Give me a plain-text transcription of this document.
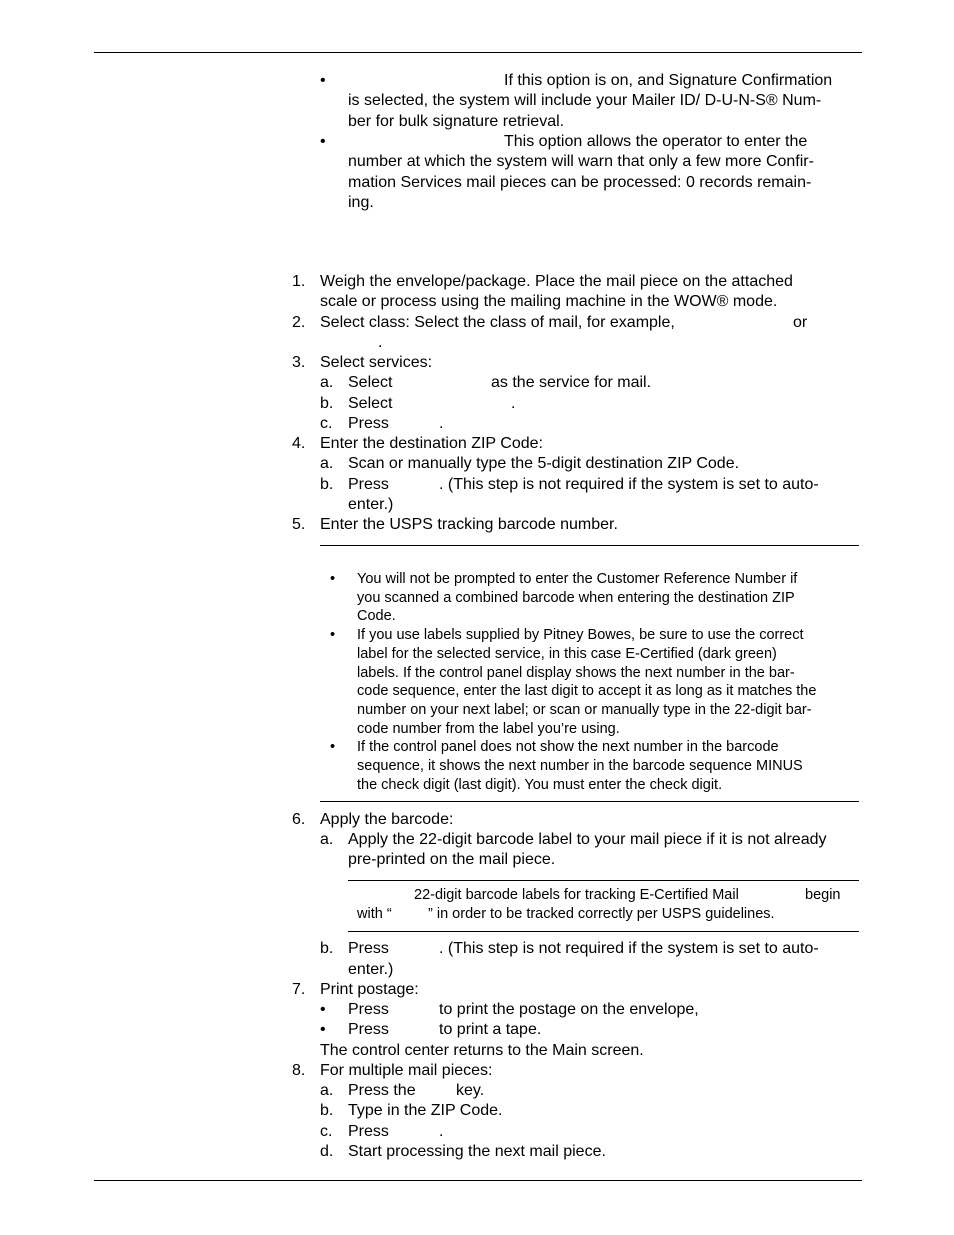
•	If this option is on, and Signature Confirmation
is selected, the system will include your Mailer ID/ D-U-N-S® Num-
ber for bulk signature retrieval.
•	This option allows the operator to enter the
number at which the system will warn that only a few more Confir-
mation Services mail pieces can be processed: 0 records remain-
ing.
1. Weigh the envelope/package. Place the mail piece on the attached
scale or process using the mailing machine in the WOW® mode.
2. Select class: Select the class of mail, for example,	or
.
3. Select services:
a. Select	as the service for mail.
b. Select	.
c. Press	.
4. Enter the destination ZIP Code:
a. Scan or manually type the 5-digit destination ZIP Code.
b. Press	. (This step is not required if the system is set to auto-
enter.)
5. Enter the USPS tracking barcode number.
• You will not be prompted to enter the Customer Reference Number if
you scanned a combined barcode when entering the destination ZIP
Code.
• If you use labels supplied by Pitney Bowes, be sure to use the correct
label for the selected service, in this case E-Certified (dark green)
labels. If the control panel display shows the next number in the bar-
code sequence, enter the last digit to accept it as long as it matches the
number on your next label; or scan or manually type in the 22-digit bar-
code number from the label you’re using.
• If the control panel does not show the next number in the barcode
sequence, it shows the next number in the barcode sequence MINUS
the check digit (last digit). You must enter the check digit.
6. Apply the barcode:
a. Apply the 22-digit barcode label to your mail piece if it is not already
pre-printed on the mail piece.
22-digit barcode labels for tracking E-Certified Mail	begin
with “	” in order to be tracked correctly per USPS guidelines.
b. Press	. (This step is not required if the system is set to auto-
enter.)
7. Print postage:
• Press	to print the postage on the envelope,
• Press	to print a tape.
The control center returns to the Main screen.
8. For multiple mail pieces:
a. Press the	key.
b. Type in the ZIP Code.
c. Press	.
d. Start processing the next mail piece.
